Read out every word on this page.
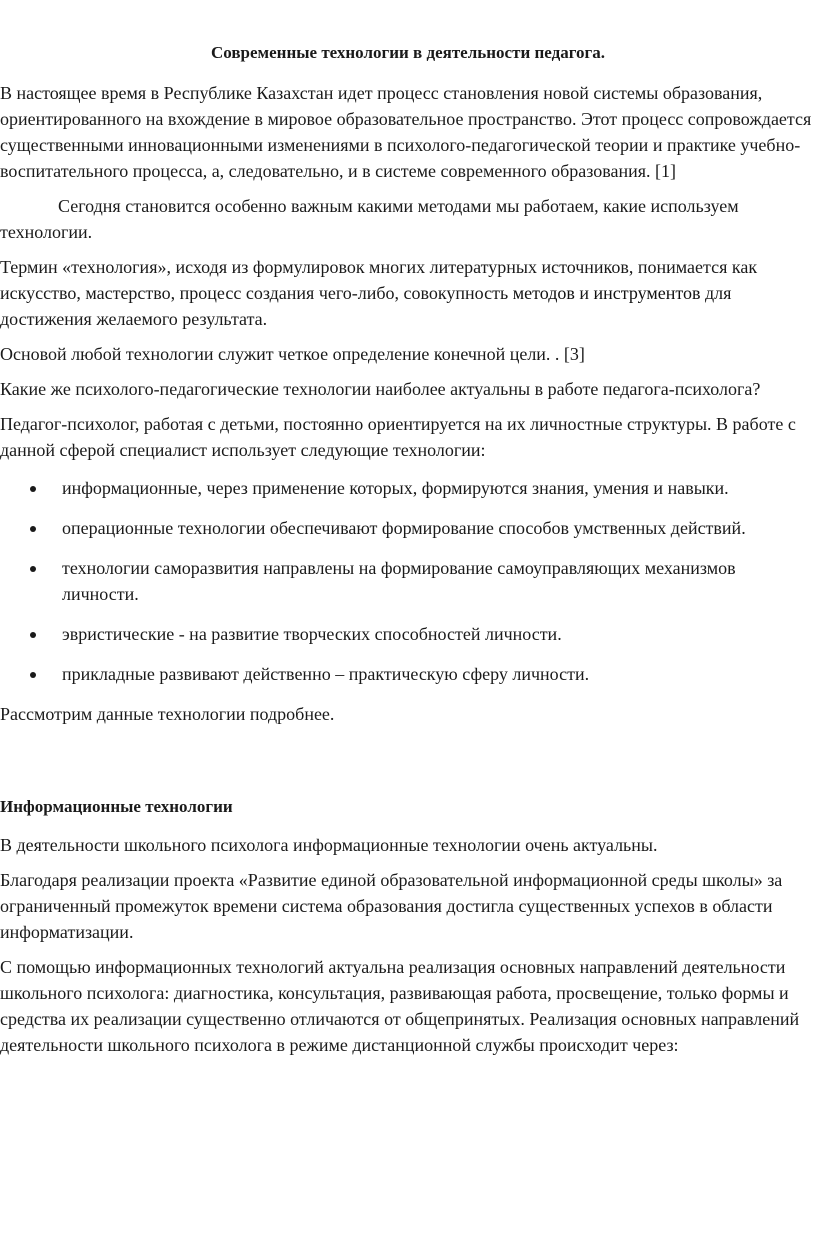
Современные технологии в деятельности педагога.

В настоящее время в Республике Казахстан идет процесс становления новой системы образования, ориентированного на вхождение в мировое образовательное пространство. Этот процесс сопровождается существенными инновационными изменениями в психолого-педагогической теории и практике учебно-воспитательного процесса, а, следовательно, и в системе современного образования. [1]

Сегодня становится особенно важным какими методами мы работаем, какие используем технологии.

Термин «технология», исходя из формулировок многих литературных источников, понимается как искусство, мастерство, процесс создания чего-либо, совокупность методов и инструментов для достижения желаемого результата.

Основой любой технологии служит четкое определение конечной цели. . [3]

Какие же психолого-педагогические технологии наиболее актуальны в работе педагога-психолога?

Педагог-психолог, работая с детьми, постоянно ориентируется на их личностные структуры. В работе с данной сферой специалист использует следующие технологии:

информационные, через применение которых, формируются знания, умения и навыки.
операционные технологии обеспечивают формирование способов умственных действий.
технологии саморазвития направлены на формирование самоуправляющих механизмов личности.
эвристические - на развитие творческих способностей личности.
прикладные развивают действенно – практическую сферу личности.

Рассмотрим данные технологии подробнее.

Информационные технологии

В деятельности школьного психолога информационные технологии очень актуальны.

Благодаря реализации проекта «Развитие единой образовательной информационной среды школы» за ограниченный промежуток времени система образования достигла существенных успехов в области информатизации.

С помощью информационных технологий актуальна реализация основных направлений деятельности школьного психолога: диагностика, консультация, развивающая работа, просвещение, только формы и средства их реализации существенно отличаются от общепринятых. Реализация основных направлений деятельности школьного психолога в режиме дистанционной службы происходит через:
